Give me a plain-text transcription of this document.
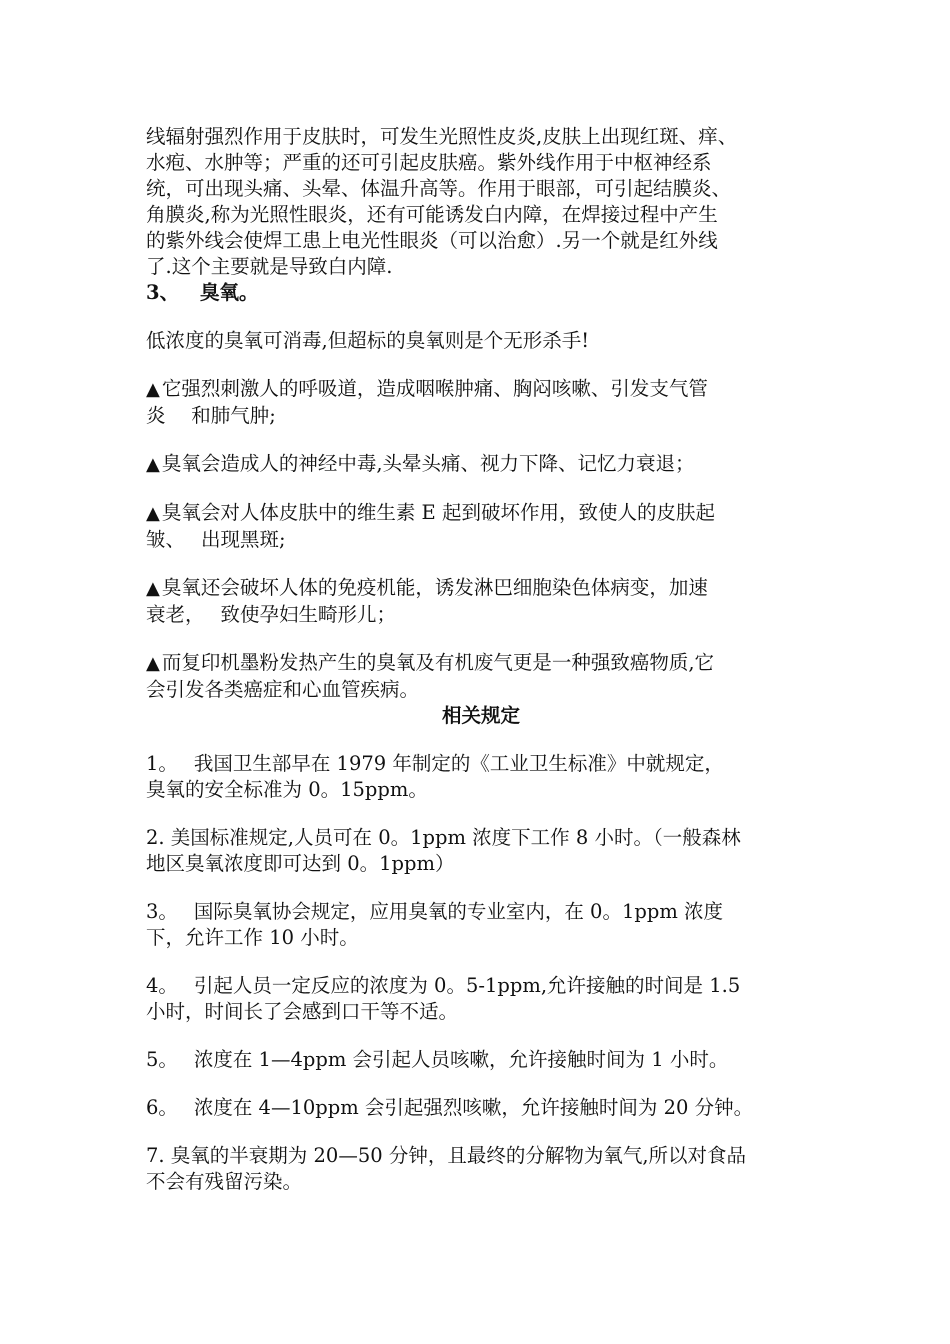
线辐射强烈作用于皮肤时，可发生光照性皮炎,皮肤上出现红斑、痒、
水疱、水肿等；严重的还可引起皮肤癌。紫外线作用于中枢神经系
统，可出现头痛、头晕、体温升高等。作用于眼部，可引起结膜炎、
角膜炎,称为光照性眼炎，还有可能诱发白内障，在焊接过程中产生
的紫外线会使焊工患上电光性眼炎（可以治愈）.另一个就是红外线
了.这个主要就是导致白内障.

3、 臭氧。

低浓度的臭氧可消毒,但超标的臭氧则是个无形杀手!

▲ 它强烈刺激人的呼吸道，造成咽喉肿痛、胸闷咳嗽、引发支气管
炎　 和肺气肿;

▲ 臭氧会造成人的神经中毒,头晕头痛、视力下降、记忆力衰退；

▲ 臭氧会对人体皮肤中的维生素 E 起到破坏作用，致使人的皮肤起
皱、　 出现黑斑;

▲ 臭氧还会破坏人体的免疫机能，诱发淋巴细胞染色体病变，加速
衰老，　 致使孕妇生畸形儿；

▲ 而复印机墨粉发热产生的臭氧及有机废气更是一种强致癌物质,它
会引发各类癌症和心血管疾病。

相关规定

1。　 我国卫生部早在 1979 年制定的《工业卫生标准》中就规定，
臭氧的安全标准为 0。15ppm。

2. 美国标准规定,人员可在 0。1ppm 浓度下工作 8 小时。（一般森林
地区臭氧浓度即可达到 0。1ppm）

3。　 国际臭氧协会规定，应用臭氧的专业室内，在 0。1ppm 浓度
下，允许工作 10 小时。

4。　 引起人员一定反应的浓度为 0。5-1ppm,允许接触的时间是 1.5
小时，时间长了会感到口干等不适。

5。　 浓度在 1—4ppm 会引起人员咳嗽，允许接触时间为 1 小时。

6。　 浓度在 4—10ppm 会引起强烈咳嗽，允许接触时间为 20 分钟。

7. 臭氧的半衰期为 20—50 分钟，且最终的分解物为氧气,所以对食品
不会有残留污染。
